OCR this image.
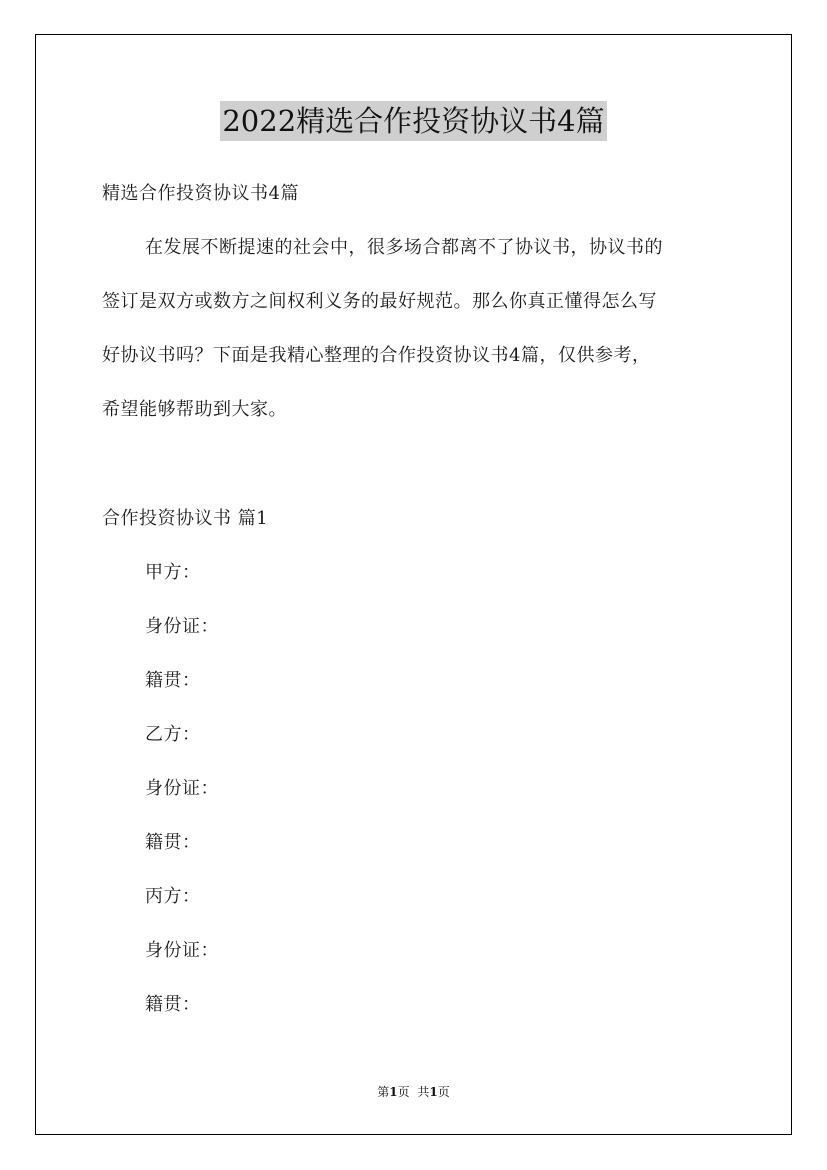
2022精选合作投资协议书4篇
精选合作投资协议书4篇
在发展不断提速的社会中，很多场合都离不了协议书，协议书的
签订是双方或数方之间权利义务的最好规范。那么你真正懂得怎么写
好协议书吗？下面是我精心整理的合作投资协议书4篇，仅供参考，
希望能够帮助到大家。
合作投资协议书 篇1
甲方：
身份证：
籍贯：
乙方：
身份证：
籍贯：
丙方：
身份证：
籍贯：
第1页 共1页
